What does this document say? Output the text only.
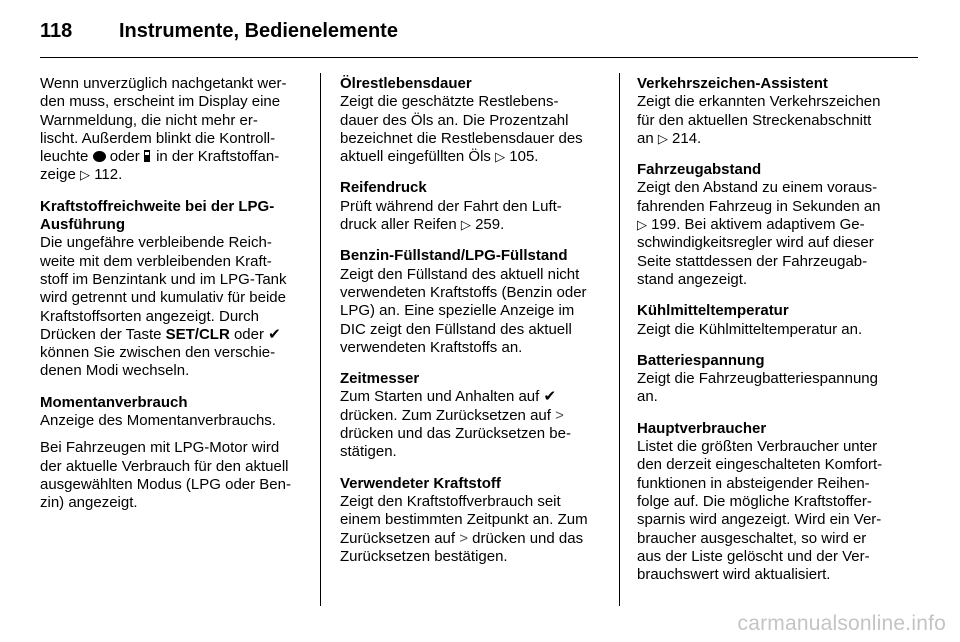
118 Instrumente, Bedienelemente
Wenn unverzüglich nachgetankt wer-
den muss, erscheint im Display eine
Warnmeldung, die nicht mehr er-
lischt. Außerdem blinkt die Kontroll-
leuchte oder in der Kraftstoffan-
zeige ▷ 112.
Kraftstoffreichweite bei der LPG-
Ausführung
Die ungefähre verbleibende Reich-
weite mit dem verbleibenden Kraft-
stoff im Benzintank und im LPG-Tank
wird getrennt und kumulativ für beide
Kraftstoffsorten angezeigt. Durch
Drücken der Taste SET/CLR oder ✔
können Sie zwischen den verschie-
denen Modi wechseln.
Momentanverbrauch
Anzeige des Momentanverbrauchs.
Bei Fahrzeugen mit LPG-Motor wird
der aktuelle Verbrauch für den aktuell
ausgewählten Modus (LPG oder Ben-
zin) angezeigt.
Ölrestlebensdauer
Zeigt die geschätzte Restlebens-
dauer des Öls an. Die Prozentzahl
bezeichnet die Restlebensdauer des
aktuell eingefüllten Öls ▷ 105.
Reifendruck
Prüft während der Fahrt den Luft-
druck aller Reifen ▷ 259.
Benzin-Füllstand/LPG-Füllstand
Zeigt den Füllstand des aktuell nicht
verwendeten Kraftstoffs (Benzin oder
LPG) an. Eine spezielle Anzeige im
DIC zeigt den Füllstand des aktuell
verwendeten Kraftstoffs an.
Zeitmesser
Zum Starten und Anhalten auf ✔
drücken. Zum Zurücksetzen auf >
drücken und das Zurücksetzen be-
stätigen.
Verwendeter Kraftstoff
Zeigt den Kraftstoffverbrauch seit
einem bestimmten Zeitpunkt an. Zum
Zurücksetzen auf > drücken und das
Zurücksetzen bestätigen.
Verkehrszeichen-Assistent
Zeigt die erkannten Verkehrszeichen
für den aktuellen Streckenabschnitt
an ▷ 214.
Fahrzeugabstand
Zeigt den Abstand zu einem voraus-
fahrenden Fahrzeug in Sekunden an
▷ 199. Bei aktivem adaptivem Ge-
schwindigkeitsregler wird auf dieser
Seite stattdessen der Fahrzeugab-
stand angezeigt.
Kühlmitteltemperatur
Zeigt die Kühlmitteltemperatur an.
Batteriespannung
Zeigt die Fahrzeugbatteriespannung
an.
Hauptverbraucher
Listet die größten Verbraucher unter
den derzeit eingeschalteten Komfort-
funktionen in absteigender Reihen-
folge auf. Die mögliche Kraftstoffer-
sparnis wird angezeigt. Wird ein Ver-
braucher ausgeschaltet, so wird er
aus der Liste gelöscht und der Ver-
brauchswert wird aktualisiert.
carmanualsonline.info
